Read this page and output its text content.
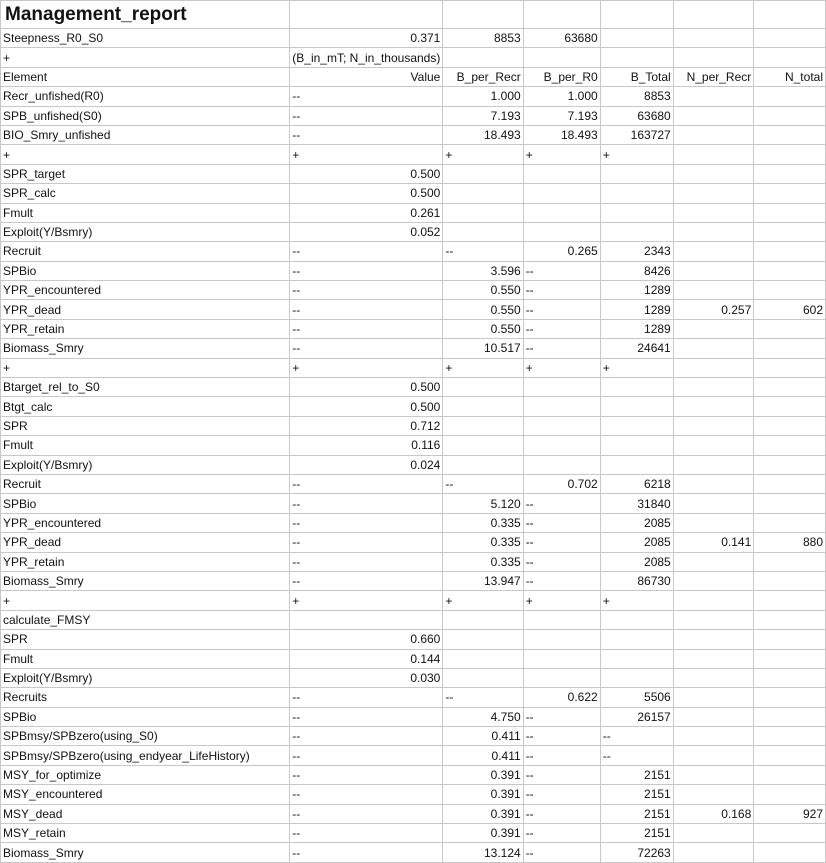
Management_report						
Steepness_R0_S0	0.371	8853	63680			
+	(B_in_mT; N_in_thousands)					
Element	Value	B_per_Recr	B_per_R0	B_Total	N_per_Recr	N_total
Recr_unfished(R0)	--	1.000	1.000	8853		
SPB_unfished(S0)	--	7.193	7.193	63680		
BIO_Smry_unfished	--	18.493	18.493	163727		
+	+	+	+	+		
SPR_target	0.500					
SPR_calc	0.500					
Fmult	0.261					
Exploit(Y/Bsmry)	0.052					
Recruit	--	--	0.265	2343		
SPBio	--	3.596	--	8426		
YPR_encountered	--	0.550	--	1289		
YPR_dead	--	0.550	--	1289	0.257	602
YPR_retain	--	0.550	--	1289		
Biomass_Smry	--	10.517	--	24641		
+	+	+	+	+		
Btarget_rel_to_S0	0.500					
Btgt_calc	0.500					
SPR	0.712					
Fmult	0.116					
Exploit(Y/Bsmry)	0.024					
Recruit	--	--	0.702	6218		
SPBio	--	5.120	--	31840		
YPR_encountered	--	0.335	--	2085		
YPR_dead	--	0.335	--	2085	0.141	880
YPR_retain	--	0.335	--	2085		
Biomass_Smry	--	13.947	--	86730		
+	+	+	+	+		
calculate_FMSY						
SPR	0.660					
Fmult	0.144					
Exploit(Y/Bsmry)	0.030					
Recruits	--	--	0.622	5506		
SPBio	--	4.750	--	26157		
SPBmsy/SPBzero(using_S0)	--	0.411	--	--		
SPBmsy/SPBzero(using_endyear_LifeHistory)	--	0.411	--	--		
MSY_for_optimize	--	0.391	--	2151		
MSY_encountered	--	0.391	--	2151		
MSY_dead	--	0.391	--	2151	0.168	927
MSY_retain	--	0.391	--	2151		
Biomass_Smry	--	13.124	--	72263		
